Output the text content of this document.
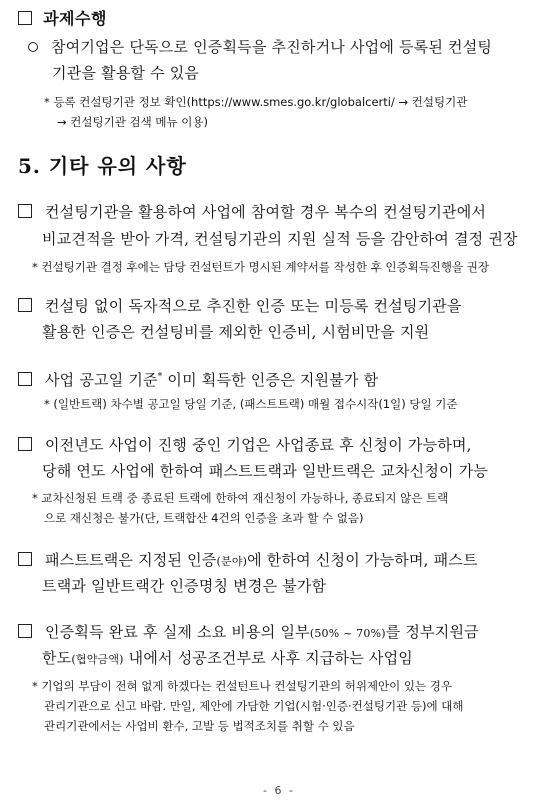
과제수행
참여기업은 단독으로 인증획득을 추진하거나 사업에 등록된 컨설팅
기관을 활용할 수 있음
* 등록 컨설팅기관 정보 확인(https://www.smes.go.kr/globalcerti/ → 컨설팅기관
→ 컨설팅기관 검색 메뉴 이용)
5. 기타 유의 사항
컨설팅기관을 활용하여 사업에 참여할 경우 복수의 컨설팅기관에서
비교견적을 받아 가격, 컨설팅기관의 지원 실적 등을 감안하여 결정 권장
* 컨설팅기관 결정 후에는 담당 컨설턴트가 명시된 계약서를 작성한 후 인증획득진행을 권장
컨설팅 없이 독자적으로 추진한 인증 또는 미등록 컨설팅기관을
활용한 인증은 컨설팅비를 제외한 인증비, 시험비만을 지원
사업 공고일 기준* 이미 획득한 인증은 지원불가 함
* (일반트랙) 차수별 공고일 당일 기준, (패스트트랙) 매월 접수시작(1일) 당일 기준
이전년도 사업이 진행 중인 기업은 사업종료 후 신청이 가능하며,
당해 연도 사업에 한하여 패스트트랙과 일반트랙은 교차신청이 가능
* 교차신청된 트랙 중 종료된 트랙에 한하여 재신청이 가능하나, 종료되지 않은 트랙
으로 재신청은 불가(단, 트랙합산 4건의 인증을 초과 할 수 없음)
패스트트랙은 지정된 인증(분야)에 한하여 신청이 가능하며, 패스트
트랙과 일반트랙간 인증명칭 변경은 불가함
인증획득 완료 후 실제 소요 비용의 일부(50% ~ 70%)를 정부지원금
한도(협약금액) 내에서 성공조건부로 사후 지급하는 사업임
* 기업의 부담이 전혀 없게 하겠다는 컨설턴트나 컨설팅기관의 허위제안이 있는 경우
관리기관으로 신고 바람. 만일, 제안에 가담한 기업(시험·인증·컨설팅기관 등)에 대해
관리기관에서는 사업비 환수, 고발 등 법적조치를 취할 수 있음
- 6 -
